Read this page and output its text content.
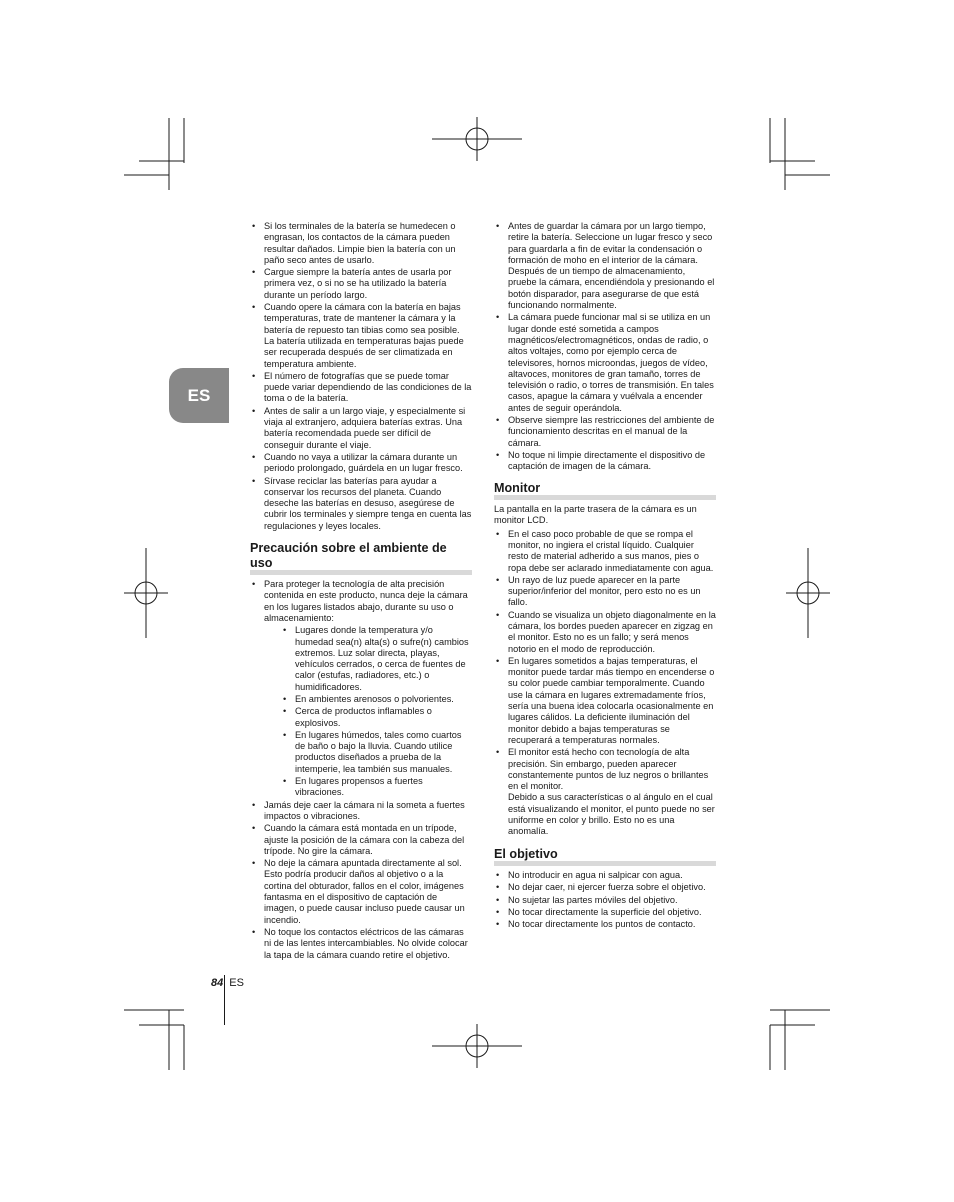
ES
• Si los terminales de la batería se humedecen o engrasan, los contactos de la cámara pueden resultar dañados. Limpie bien la batería con un paño seco antes de usarlo.
• Cargue siempre la batería antes de usarla por primera vez, o si no se ha utilizado la batería durante un período largo.
• Cuando opere la cámara con la batería en bajas temperaturas, trate de mantener la cámara y la batería de repuesto tan tibias como sea posible. La batería utilizada en temperaturas bajas puede ser recuperada después de ser climatizada en temperatura ambiente.
• El número de fotografías que se puede tomar puede variar dependiendo de las condiciones de la toma o de la batería.
• Antes de salir a un largo viaje, y especialmente si viaja al extranjero, adquiera baterías extras. Una batería recomendada puede ser difícil de conseguir durante el viaje.
• Cuando no vaya a utilizar la cámara durante un periodo prolongado, guárdela en un lugar fresco.
• Sírvase reciclar las baterías para ayudar a conservar los recursos del planeta. Cuando deseche las baterías en desuso, asegúrese de cubrir los terminales y siempre tenga en cuenta las regulaciones y leyes locales.
Precaución sobre el ambiente de uso
• Para proteger la tecnología de alta precisión contenida en este producto, nunca deje la cámara en los lugares listados abajo, durante su uso o almacenamiento:
• Lugares donde la temperatura y/o humedad sea(n) alta(s) o sufre(n) cambios extremos. Luz solar directa, playas, vehículos cerrados, o cerca de fuentes de calor (estufas, radiadores, etc.) o humidificadores.
• En ambientes arenosos o polvorientes.
• Cerca de productos inflamables o explosivos.
• En lugares húmedos, tales como cuartos de baño o bajo la lluvia. Cuando utilice productos diseñados a prueba de la intemperie, lea también sus manuales.
• En lugares propensos a fuertes vibraciones.
• Jamás deje caer la cámara ni la someta a fuertes impactos o vibraciones.
• Cuando la cámara está montada en un trípode, ajuste la posición de la cámara con la cabeza del trípode. No gire la cámara.
• No deje la cámara apuntada directamente al sol. Esto podría producir daños al objetivo o a la cortina del obturador, fallos en el color, imágenes fantasma en el dispositivo de captación de imagen, o puede causar incluso puede causar un incendio.
• No toque los contactos eléctricos de las cámaras ni de las lentes intercambiables. No olvide colocar la tapa de la cámara cuando retire el objetivo.
• Antes de guardar la cámara por un largo tiempo, retire la batería. Seleccione un lugar fresco y seco para guardarla a fin de evitar la condensación o formación de moho en el interior de la cámara. Después de un tiempo de almacenamiento, pruebe la cámara, encendiéndola y presionando el botón disparador, para asegurarse de que está funcionando normalmente.
• La cámara puede funcionar mal si se utiliza en un lugar donde esté sometida a campos magnéticos/electromagnéticos, ondas de radio, o altos voltajes, como por ejemplo cerca de televisores, hornos microondas, juegos de vídeo, altavoces, monitores de gran tamaño, torres de televisión o radio, o torres de transmisión. En tales casos, apague la cámara y vuélvala a encender antes de seguir operándola.
• Observe siempre las restricciones del ambiente de funcionamiento descritas en el manual de la cámara.
• No toque ni limpie directamente el dispositivo de captación de imagen de la cámara.
Monitor

La pantalla en la parte trasera de la cámara es un monitor LCD.

• En el caso poco probable de que se rompa el monitor, no ingiera el cristal líquido. Cualquier resto de material adherido a sus manos, pies o ropa debe ser aclarado inmediatamente con agua.
• Un rayo de luz puede aparecer en la parte superior/inferior del monitor, pero esto no es un fallo.
• Cuando se visualiza un objeto diagonalmente en la cámara, los bordes pueden aparecer en zigzag en el monitor. Esto no es un fallo; y será menos notorio en el modo de reproducción.
• En lugares sometidos a bajas temperaturas, el monitor puede tardar más tiempo en encenderse o su color puede cambiar temporalmente. Cuando use la cámara en lugares extremadamente fríos, sería una buena idea colocarla ocasionalmente en lugares cálidos. La deficiente iluminación del monitor debido a bajas temperaturas se recuperará a temperaturas normales.
• El monitor está hecho con tecnología de alta precisión. Sin embargo, pueden aparecer constantemente puntos de luz negros o brillantes en el monitor.
Debido a sus características o al ángulo en el cual está visualizando el monitor, el punto puede no ser uniforme en color y brillo. Esto no es una anomalía.
El objetivo
• No introducir en agua ni salpicar con agua.
• No dejar caer, ni ejercer fuerza sobre el objetivo.
• No sujetar las partes móviles del objetivo.
• No tocar directamente la superficie del objetivo.
• No tocar directamente los puntos de contacto.
84 ES
